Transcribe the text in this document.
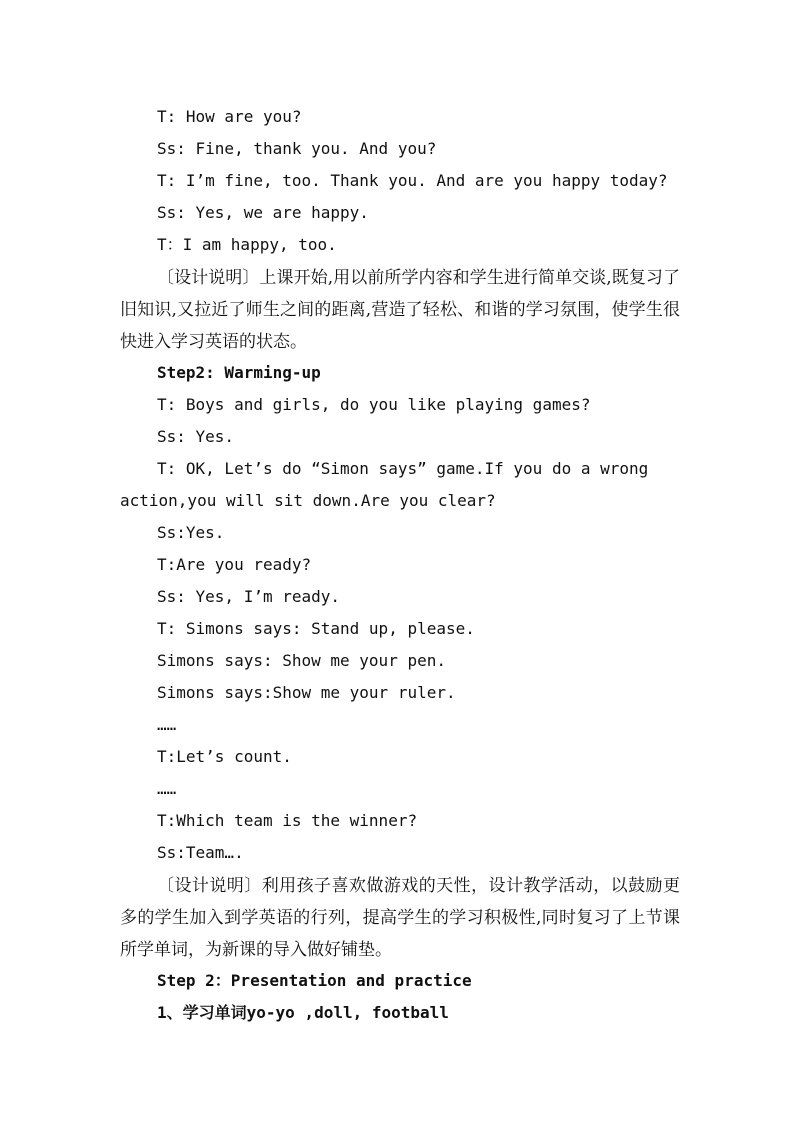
T: How are you?
Ss: Fine, thank you. And you?
T: I’m fine, too. Thank you. And are you happy today?
Ss: Yes, we are happy.
T：I am happy, too.
〔设计说明〕上课开始,用以前所学内容和学生进行简单交谈,既复习了旧知识,又拉近了师生之间的距离,营造了轻松、和谐的学习氛围，使学生很快进入学习英语的状态。
Step2: Warming-up
T: Boys and girls, do you like playing games?
Ss: Yes.
T: OK, Let’s do “Simon says” game.If you do a wrong
action,you will sit down.Are you clear?
Ss:Yes.
T:Are you ready?
Ss: Yes, I’m ready.
T: Simons says: Stand up, please.
Simons says: Show me your pen.
Simons says:Show me your ruler.
……
T:Let’s count.
……
T:Which team is the winner?
Ss:Team….
〔设计说明〕利用孩子喜欢做游戏的天性，设计教学活动，以鼓励更多的学生加入到学英语的行列，提高学生的学习积极性,同时复习了上节课所学单词，为新课的导入做好铺垫。
Step 2：Presentation and practice
1、学习单词yo-yo ,doll, football
